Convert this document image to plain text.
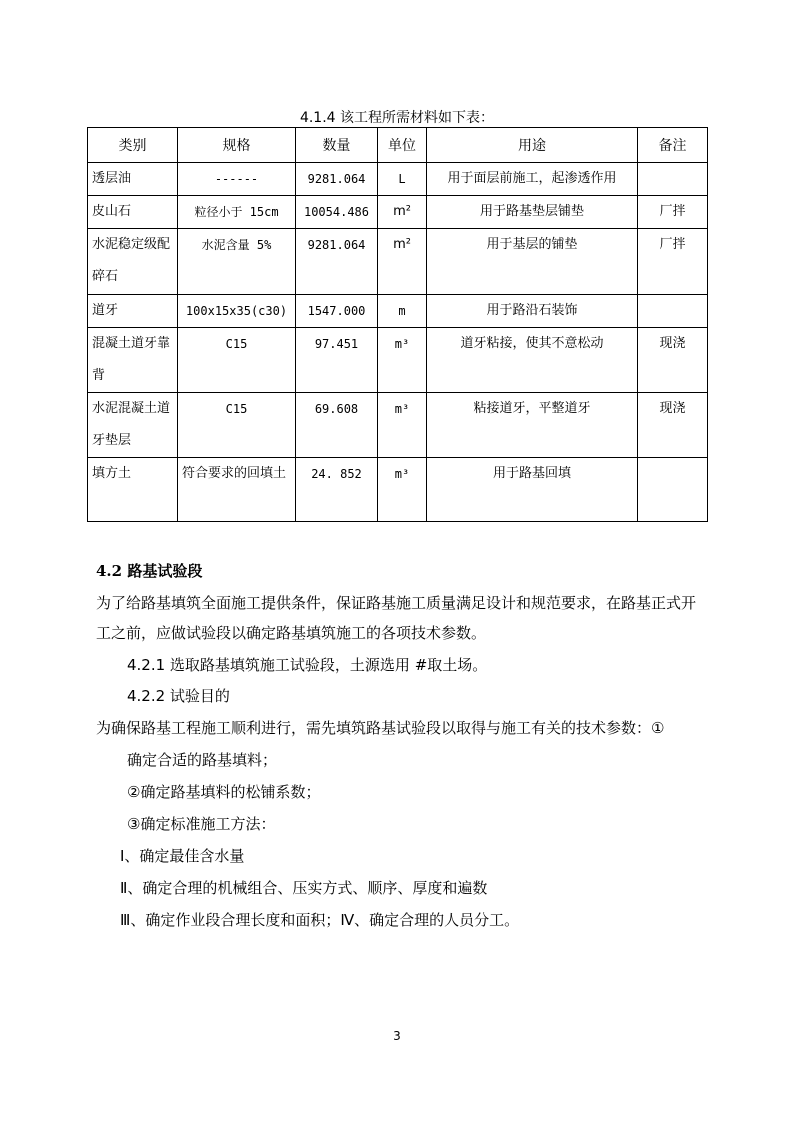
4.1.4 该工程所需材料如下表：
类别	规格	数量	单位	用途	备注
透层油	------	9281.064	L	用于面层前施工，起渗透作用	
皮山石	粒径小于 15cm	10054.486	m²	用于路基垫层铺垫	厂拌
水泥稳定级配碎石	水泥含量 5%	9281.064	m²	用于基层的铺垫	厂拌
道牙	100x15x35(c30)	1547.000	m	用于路沿石装饰	
混凝土道牙靠背	C15	97.451	m³	道牙粘接，使其不意松动	现浇
水泥混凝土道牙垫层	C15	69.608	m³	粘接道牙，平整道牙	现浇
填方土	符合要求的回填土	24. 852	m³	用于路基回填	
4.2 路基试验段
为了给路基填筑全面施工提供条件，保证路基施工质量满足设计和规范要求，在路基正式开工之前，应做试验段以确定路基填筑施工的各项技术参数。
4.2.1 选取路基填筑施工试验段，土源选用 #取土场。
4.2.2 试验目的
为确保路基工程施工顺利进行，需先填筑路基试验段以取得与施工有关的技术参数：①
确定合适的路基填料；
②确定路基填料的松铺系数；
③确定标准施工方法：
Ⅰ、确定最佳含水量
Ⅱ、确定合理的机械组合、压实方式、顺序、厚度和遍数
Ⅲ、确定作业段合理长度和面积；Ⅳ、确定合理的人员分工。
3
